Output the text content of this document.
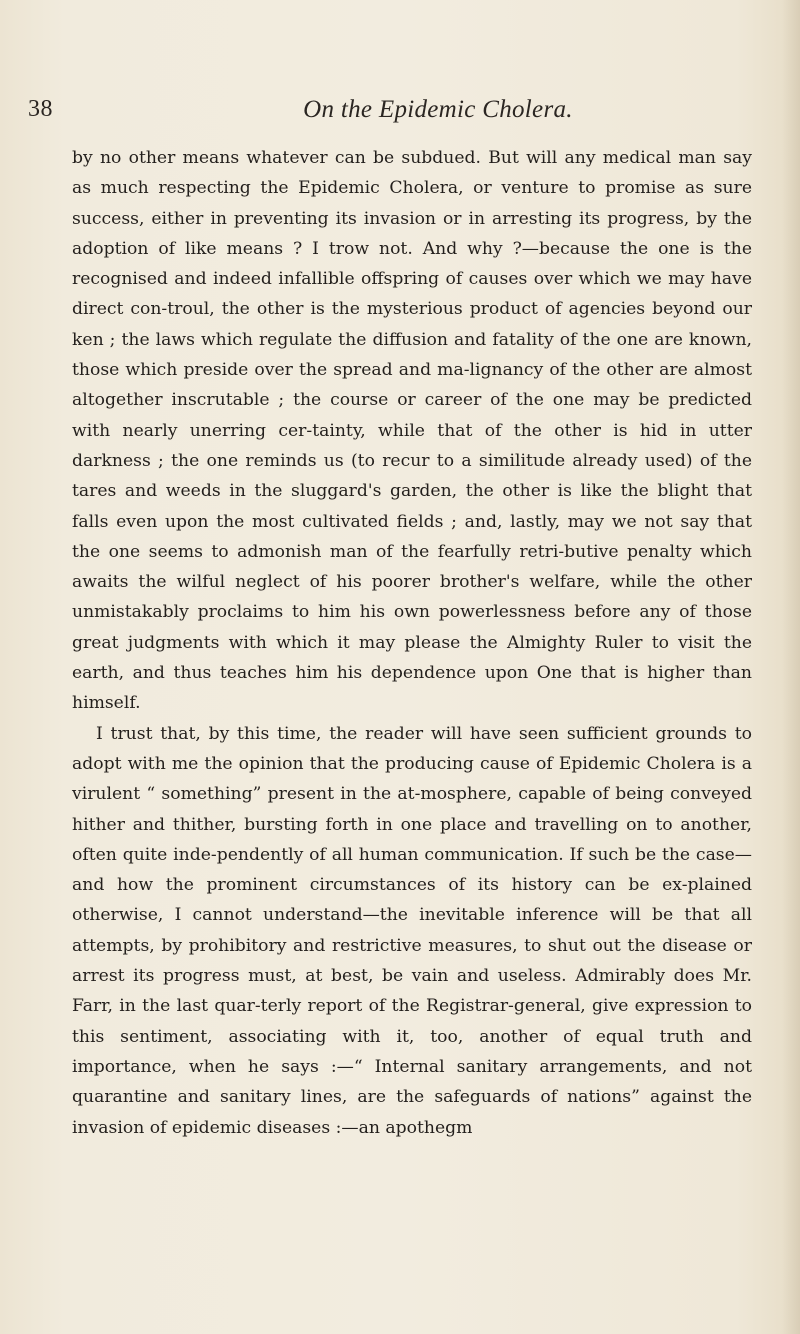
38	On the Epidemic Cholera.

by no other means whatever can be subdued. But will any medical man say as much respecting the Epidemic Cholera, or venture to promise as sure success, either in preventing its invasion or in arresting its progress, by the adoption of like means ? I trow not. And why ?—because the one is the recognised and indeed infallible offspring of causes over which we may have direct con-troul, the other is the mysterious product of agencies beyond our ken ; the laws which regulate the diffusion and fatality of the one are known, those which preside over the spread and ma-lignancy of the other are almost altogether inscrutable ; the course or career of the one may be predicted with nearly unerring cer-tainty, while that of the other is hid in utter darkness ; the one reminds us (to recur to a similitude already used) of the tares and weeds in the sluggard's garden, the other is like the blight that falls even upon the most cultivated fields ; and, lastly, may we not say that the one seems to admonish man of the fearfully retri-butive penalty which awaits the wilful neglect of his poorer brother's welfare, while the other unmistakably proclaims to him his own powerlessness before any of those great judgments with which it may please the Almighty Ruler to visit the earth, and thus teaches him his dependence upon One that is higher than himself.

I trust that, by this time, the reader will have seen sufficient grounds to adopt with me the opinion that the producing cause of Epidemic Cholera is a virulent “ something” present in the at-mosphere, capable of being conveyed hither and thither, bursting forth in one place and travelling on to another, often quite inde-pendently of all human communication. If such be the case— and how the prominent circumstances of its history can be ex-plained otherwise, I cannot understand—the inevitable inference will be that all attempts, by prohibitory and restrictive measures, to shut out the disease or arrest its progress must, at best, be vain and useless. Admirably does Mr. Farr, in the last quar-terly report of the Registrar-general, give expression to this sentiment, associating with it, too, another of equal truth and importance, when he says :—“ Internal sanitary arrangements, and not quarantine and sanitary lines, are the safeguards of nations” against the invasion of epidemic diseases :—an apothegm
